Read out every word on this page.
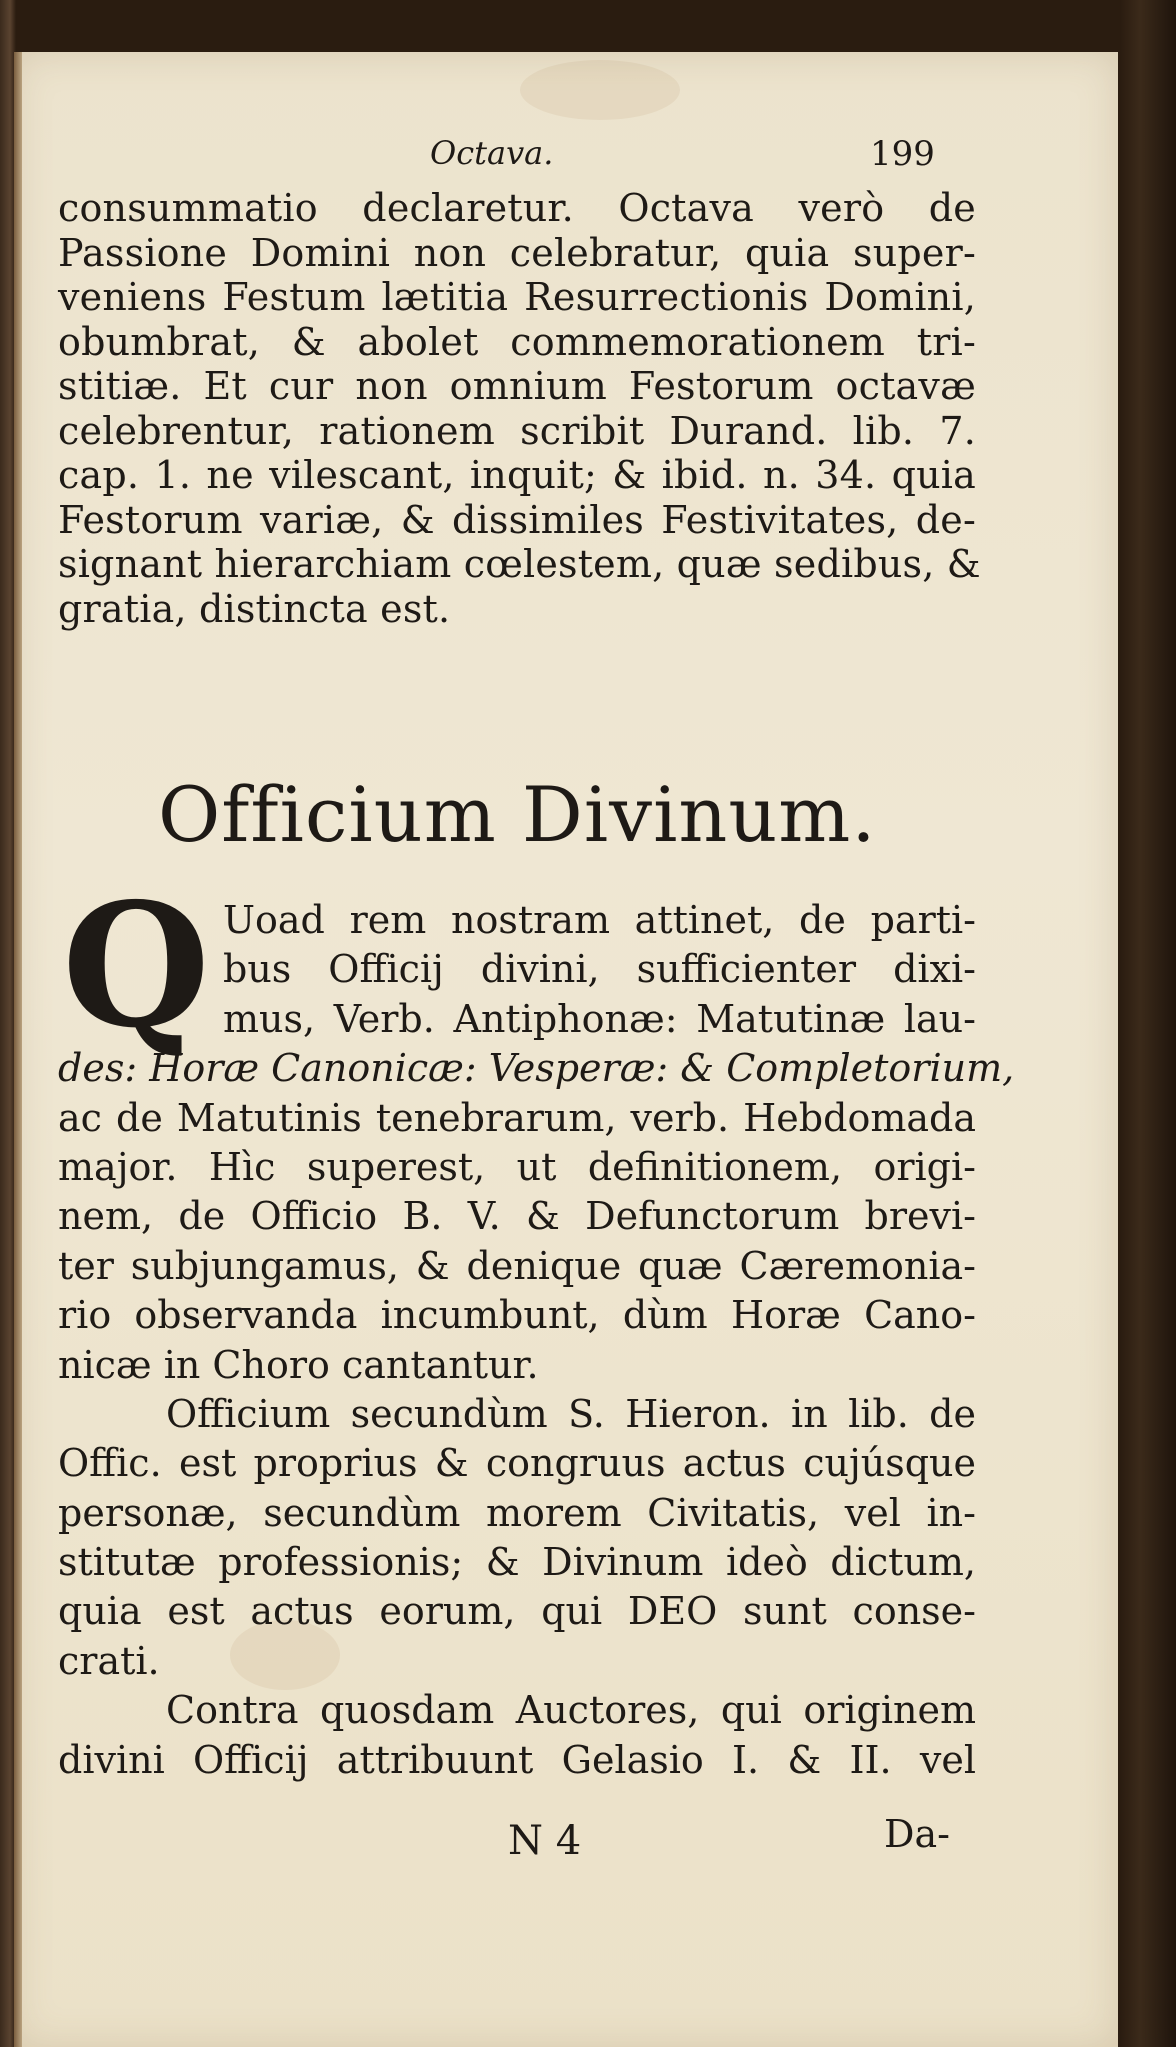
Octava.	199
consummatio declaretur. Octava verò de
Passione Domini non celebratur, quia super-
veniens Festum lætitia Resurrectionis Domini,
obumbrat, & abolet commemorationem tri-
stitiæ. Et cur non omnium Festorum octavæ
celebrentur, rationem scribit Durand. lib. 7.
cap. 1. ne vilescant, inquit; & ibid. n. 34. quia
Festorum variæ, & dissimiles Festivitates, de-
signant hierarchiam cœlestem, quæ sedibus, &
gratia, distincta est.
Officium Divinum.
Q Uoad rem nostram attinet, de parti-
bus Officij divini, sufficienter dixi-
mus, Verb. Antiphonæ: Matutinæ lau-
des: Horæ Canonicæ: Vesperæ: & Completorium,
ac de Matutinis tenebrarum, verb. Hebdomada
major. Hìc superest, ut definitionem, origi-
nem, de Officio B. V. & Defunctorum brevi-
ter subjungamus, & denique quæ Cæremonia-
rio observanda incumbunt, dùm Horæ Cano-
nicæ in Choro cantantur.
Officium secundùm S. Hieron. in lib. de
Offic. est proprius & congruus actus cujúsque
personæ, secundùm morem Civitatis, vel in-
stitutæ professionis; & Divinum ideò dictum,
quia est actus eorum, qui DEO sunt conse-
crati.
Contra quosdam Auctores, qui originem
divini Officij attribuunt Gelasio I. & II. vel
N 4	Da-
